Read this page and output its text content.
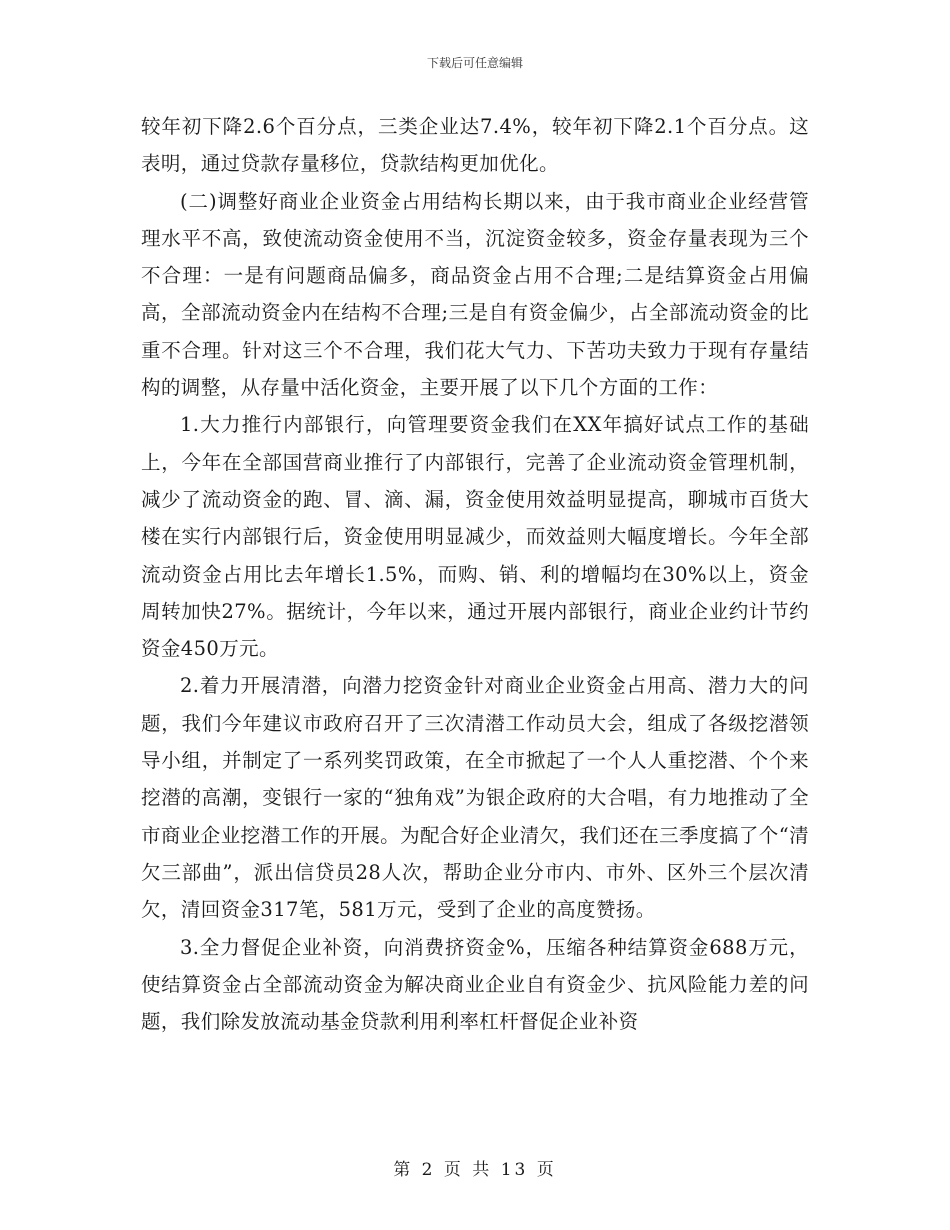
下载后可任意编辑

较年初下降2.6个百分点，三类企业达7.4%，较年初下降2.1个百分点。这表明，通过贷款存量移位，贷款结构更加优化。

(二)调整好商业企业资金占用结构长期以来，由于我市商业企业经营管理水平不高，致使流动资金使用不当，沉淀资金较多，资金存量表现为三个不合理：一是有问题商品偏多，商品资金占用不合理;二是结算资金占用偏高，全部流动资金内在结构不合理;三是自有资金偏少，占全部流动资金的比重不合理。针对这三个不合理，我们花大气力、下苦功夫致力于现有存量结构的调整，从存量中活化资金，主要开展了以下几个方面的工作：

1.大力推行内部银行，向管理要资金我们在XX年搞好试点工作的基础上，今年在全部国营商业推行了内部银行，完善了企业流动资金管理机制，减少了流动资金的跑、冒、滴、漏，资金使用效益明显提高，聊城市百货大楼在实行内部银行后，资金使用明显减少，而效益则大幅度增长。今年全部流动资金占用比去年增长1.5%，而购、销、利的增幅均在30%以上，资金周转加快27%。据统计，今年以来，通过开展内部银行，商业企业约计节约资金450万元。

2.着力开展清潜，向潜力挖资金针对商业企业资金占用高、潜力大的问题，我们今年建议市政府召开了三次清潜工作动员大会，组成了各级挖潜领导小组，并制定了一系列奖罚政策，在全市掀起了一个人人重挖潜、个个来挖潜的高潮，变银行一家的“独角戏”为银企政府的大合唱，有力地推动了全市商业企业挖潜工作的开展。为配合好企业清欠，我们还在三季度搞了个“清欠三部曲”，派出信贷员28人次，帮助企业分市内、市外、区外三个层次清欠，清回资金317笔，581万元，受到了企业的高度赞扬。

3.全力督促企业补资，向消费挤资金%，压缩各种结算资金688万元，使结算资金占全部流动资金为解决商业企业自有资金少、抗风险能力差的问题，我们除发放流动基金贷款利用利率杠杆督促企业补资

第 2 页 共 13 页
